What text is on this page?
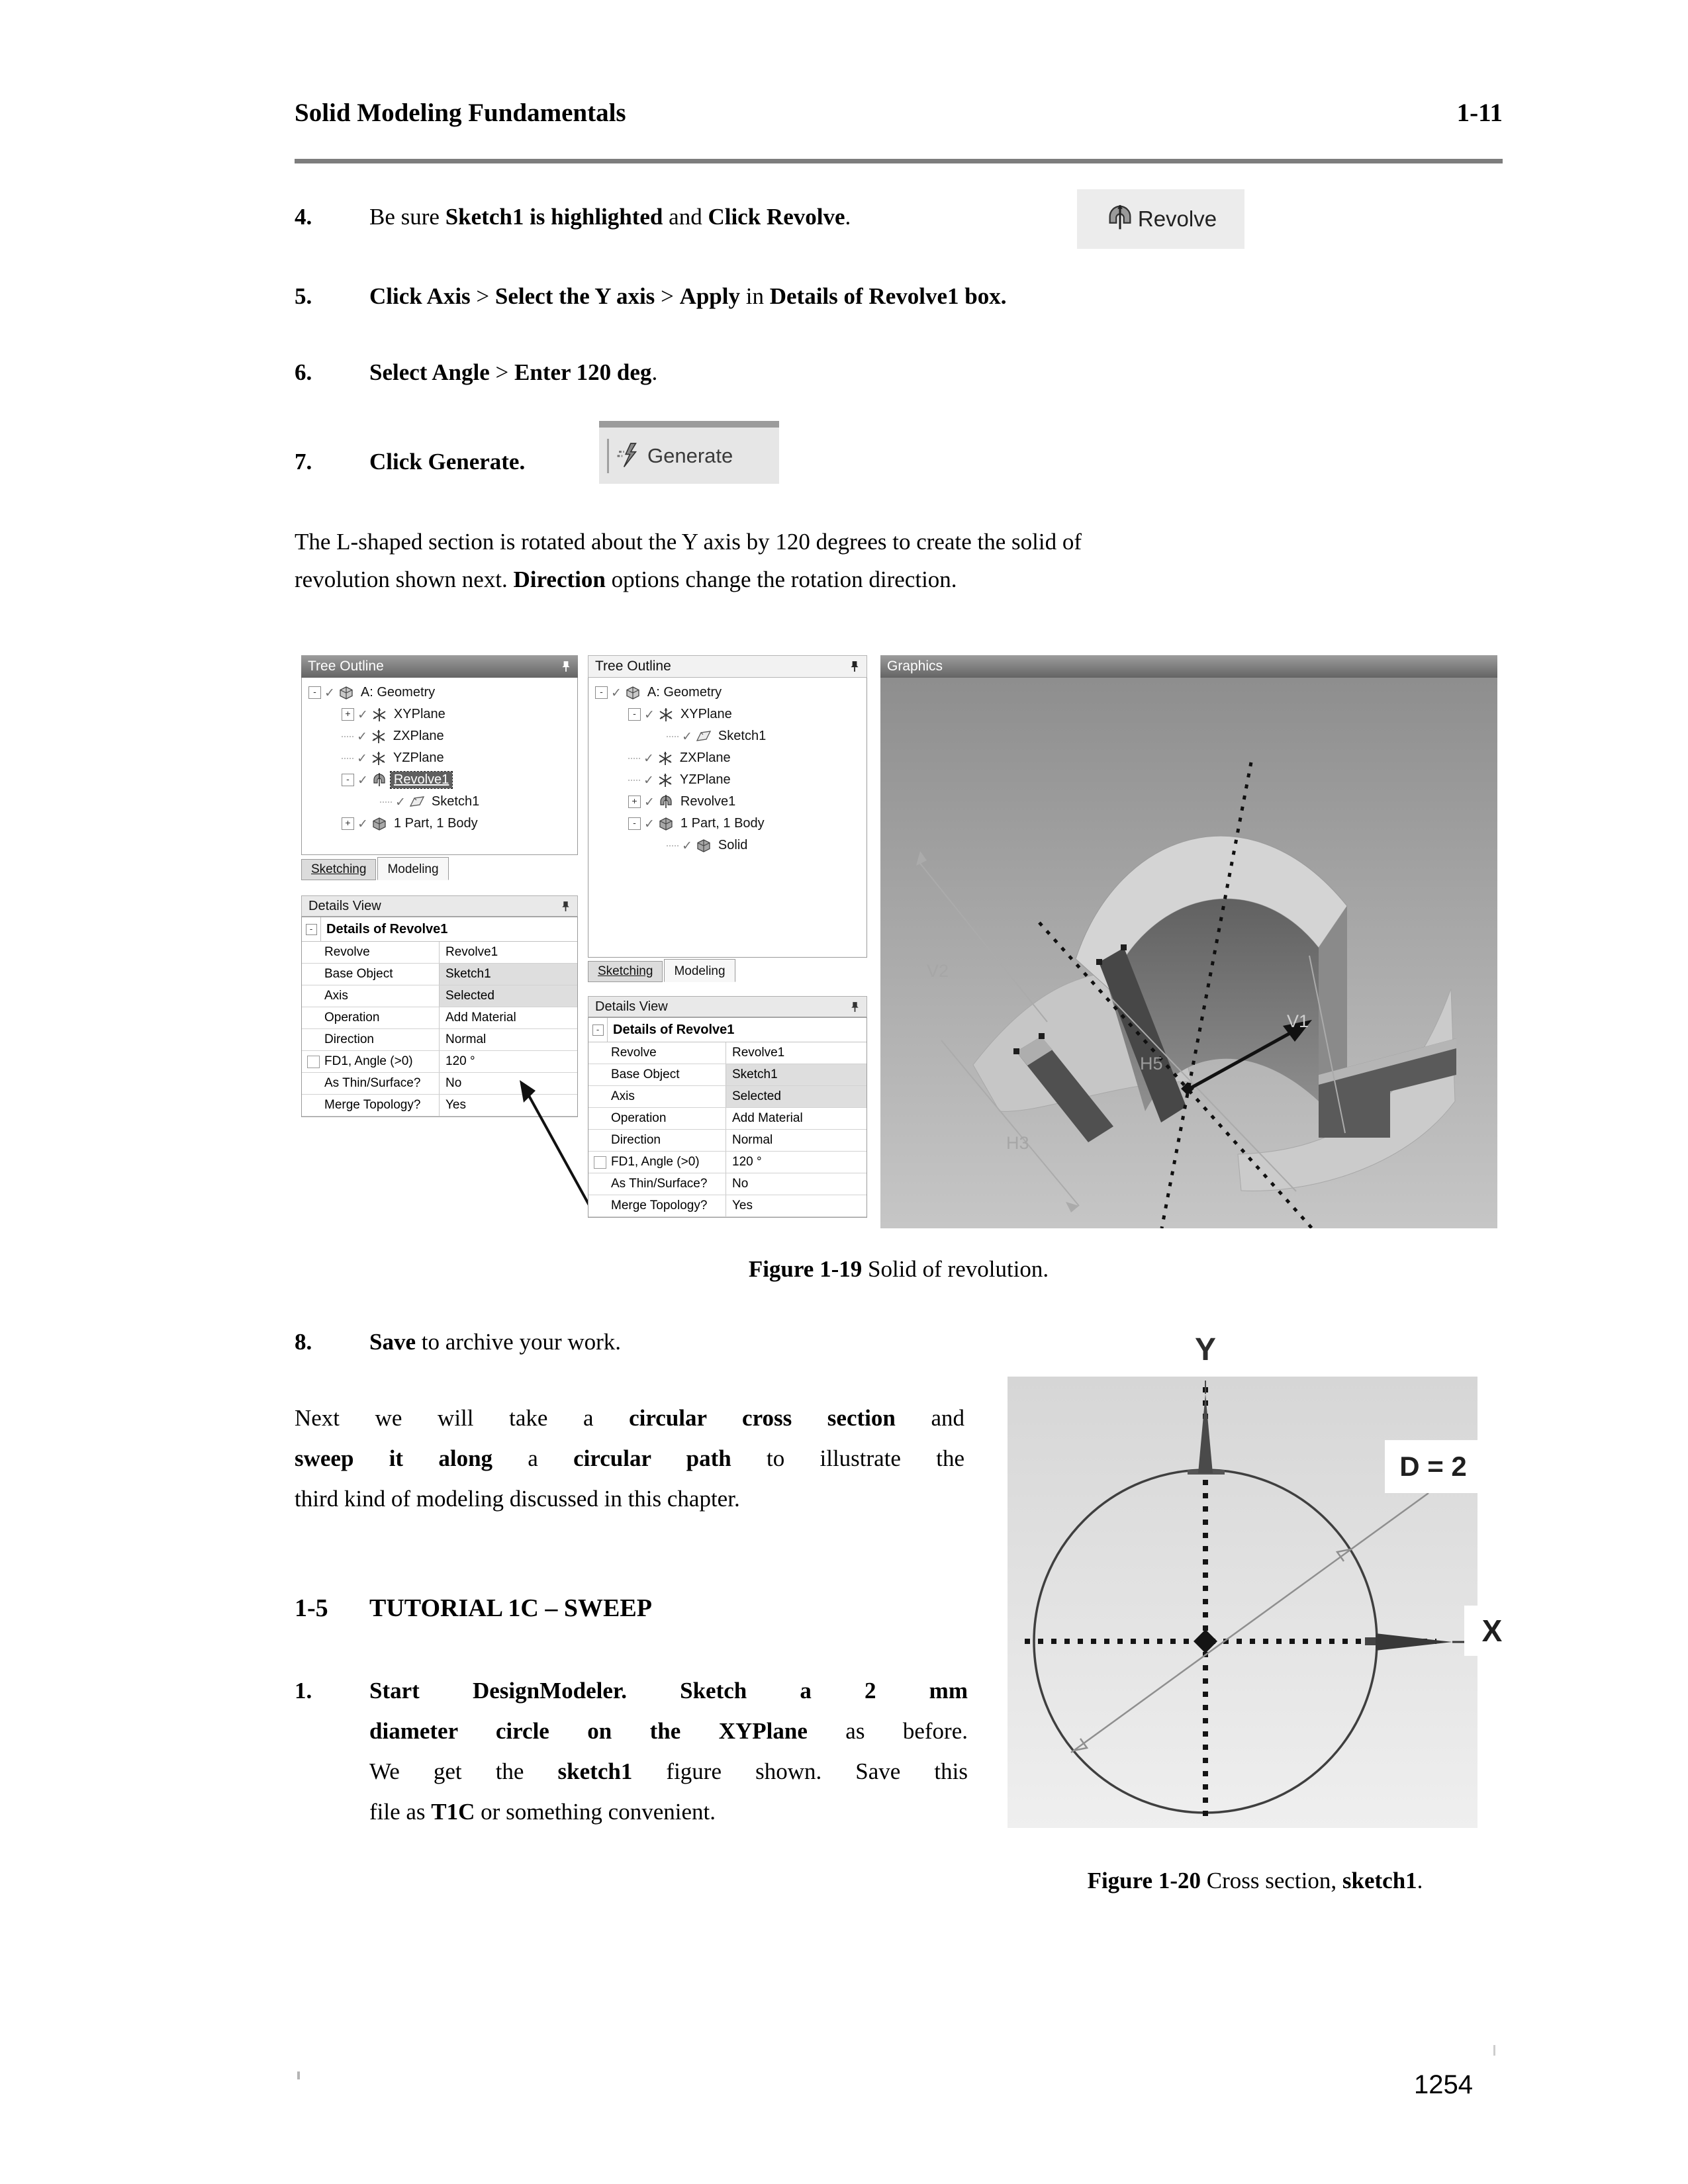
Solid Modeling Fundamentals	1-11
4. Be sure Sketch1 is highlighted and Click Revolve.	Revolve
5. Click Axis > Select the Y axis > Apply in Details of Revolve1 box.
6. Select Angle > Enter 120 deg.
7. Click Generate.	Generate
The L-shaped section is rotated about the Y axis by 120 degrees to create the solid of
revolution shown next. Direction options change the rotation direction.
Tree Outline
- ✓ A: Geometry
+ ✓ XYPlane
✓ ZXPlane
✓ YZPlane
- ✓ Revolve1
✓ Sketch1
+ ✓ 1 Part, 1 Body
Sketching	Modeling
Details View
-	Details of Revolve1
Revolve	Revolve1
Base Object	Sketch1
Axis	Selected
Operation	Add Material
Direction	Normal
FD1, Angle (>0)	120 °
As Thin/Surface?	No
Merge Topology?	Yes
Tree Outline
- ✓ A: Geometry
- ✓ XYPlane
✓ Sketch1
✓ ZXPlane
✓ YZPlane
+ ✓ Revolve1
- ✓ 1 Part, 1 Body
✓ Solid
Sketching	Modeling
Details View
-	Details of Revolve1
Revolve	Revolve1
Base Object	Sketch1
Axis	Selected
Operation	Add Material
Direction	Normal
FD1, Angle (>0)	120 °
As Thin/Surface?	No
Merge Topology?	Yes
Graphics
V2
H5
H3
V1
Figure 1-19 Solid of revolution.
8. Save to archive your work.
Next we will take a circular cross section and
sweep it along a circular path to illustrate the
third kind of modeling discussed in this chapter.
1-5 TUTORIAL 1C – SWEEP
1. Start DesignModeler. Sketch a 2 mm
diameter circle on the XYPlane as before.
We get the sketch1 figure shown. Save this
file as T1C or something convenient.
Y
D = 2
X
Figure 1-20 Cross section, sketch1.
1254
